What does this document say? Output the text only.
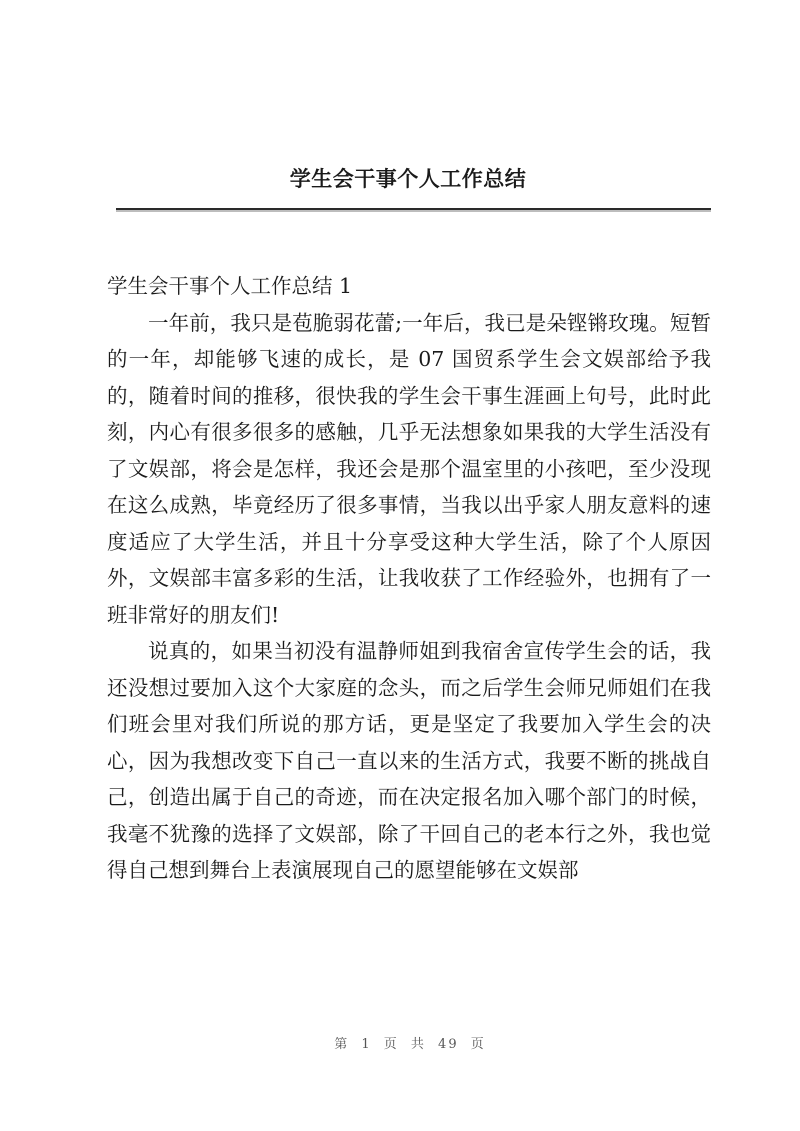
学生会干事个人工作总结

学生会干事个人工作总结 1

一年前，我只是苞脆弱花蕾;一年后，我已是朵铿锵玫瑰。短暂的一年，却能够飞速的成长，是 07 国贸系学生会文娱部给予我的，随着时间的推移，很快我的学生会干事生涯画上句号，此时此刻，内心有很多很多的感触，几乎无法想象如果我的大学生活没有了文娱部，将会是怎样，我还会是那个温室里的小孩吧，至少没现在这么成熟，毕竟经历了很多事情，当我以出乎家人朋友意料的速度适应了大学生活，并且十分享受这种大学生活，除了个人原因外，文娱部丰富多彩的生活，让我收获了工作经验外，也拥有了一班非常好的朋友们!

说真的，如果当初没有温静师姐到我宿舍宣传学生会的话，我还没想过要加入这个大家庭的念头，而之后学生会师兄师姐们在我们班会里对我们所说的那方话，更是坚定了我要加入学生会的决心，因为我想改变下自己一直以来的生活方式，我要不断的挑战自己，创造出属于自己的奇迹，而在决定报名加入哪个部门的时候，我毫不犹豫的选择了文娱部，除了干回自己的老本行之外，我也觉得自己想到舞台上表演展现自己的愿望能够在文娱部

第 1 页 共 49 页
